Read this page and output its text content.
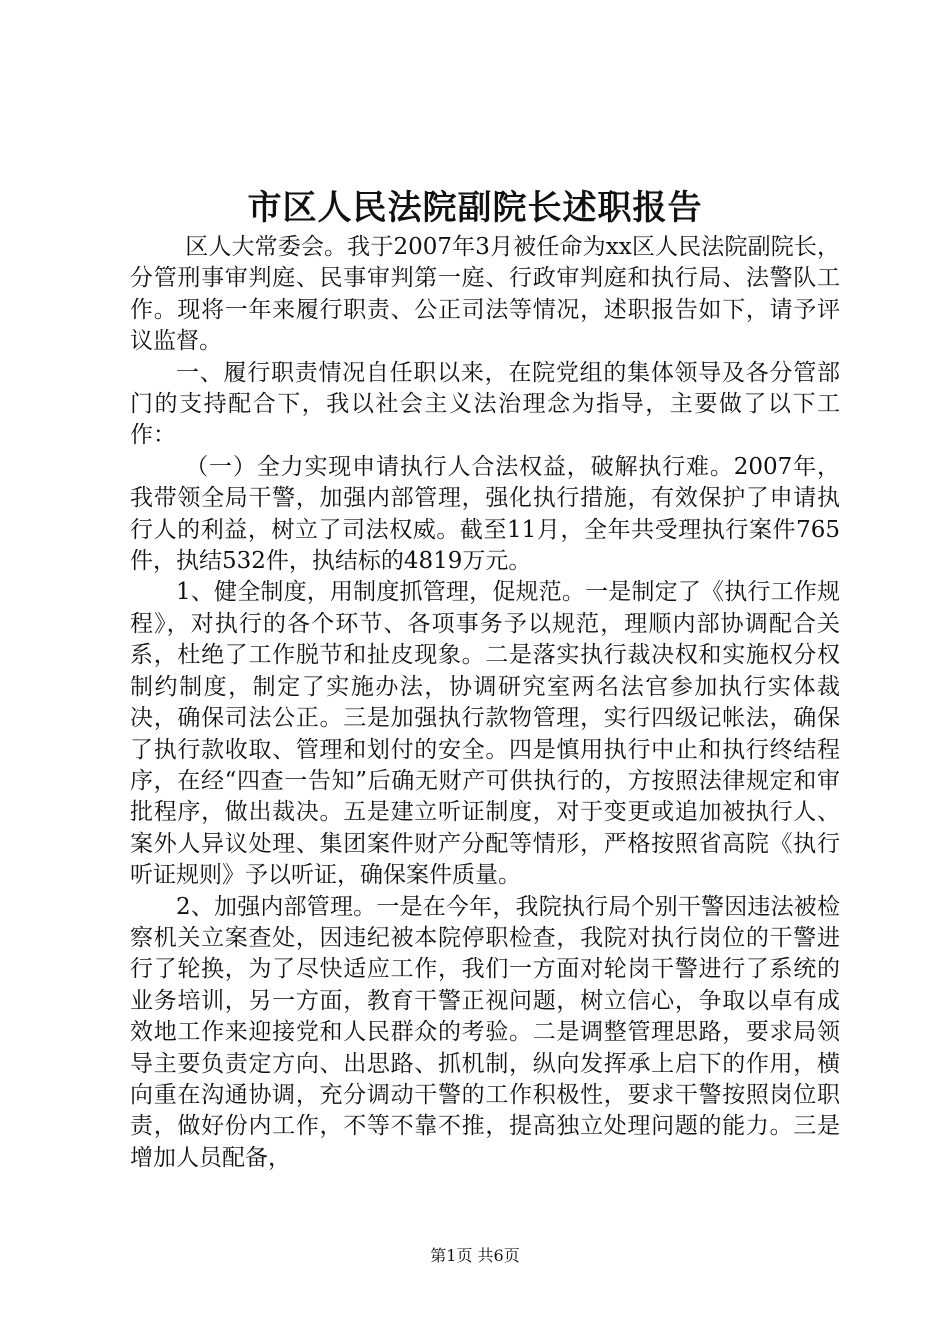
市区人民法院副院长述职报告

区人大常委会。我于2007年3月被任命为xx区人民法院副院长，分管刑事审判庭、民事审判第一庭、行政审判庭和执行局、法警队工作。现将一年来履行职责、公正司法等情况，述职报告如下，请予评议监督。

一、履行职责情况自任职以来，在院党组的集体领导及各分管部门的支持配合下，我以社会主义法治理念为指导，主要做了以下工作：

（一）全力实现申请执行人合法权益，破解执行难。2007年，我带领全局干警，加强内部管理，强化执行措施，有效保护了申请执行人的利益，树立了司法权威。截至11月，全年共受理执行案件765件，执结532件，执结标的4819万元。

1、健全制度，用制度抓管理，促规范。一是制定了《执行工作规程》，对执行的各个环节、各项事务予以规范，理顺内部协调配合关系，杜绝了工作脱节和扯皮现象。二是落实执行裁决权和实施权分权制约制度，制定了实施办法，协调研究室两名法官参加执行实体裁决，确保司法公正。三是加强执行款物管理，实行四级记帐法，确保了执行款收取、管理和划付的安全。四是慎用执行中止和执行终结程序，在经“四查一告知”后确无财产可供执行的，方按照法律规定和审批程序，做出裁决。五是建立听证制度，对于变更或追加被执行人、案外人异议处理、集团案件财产分配等情形，严格按照省高院《执行听证规则》予以听证，确保案件质量。

2、加强内部管理。一是在今年，我院执行局个别干警因违法被检察机关立案查处，因违纪被本院停职检查，我院对执行岗位的干警进行了轮换，为了尽快适应工作，我们一方面对轮岗干警进行了系统的业务培训，另一方面，教育干警正视问题，树立信心，争取以卓有成效地工作来迎接党和人民群众的考验。二是调整管理思路，要求局领导主要负责定方向、出思路、抓机制，纵向发挥承上启下的作用，横向重在沟通协调，充分调动干警的工作积极性，要求干警按照岗位职责，做好份内工作，不等不靠不推，提高独立处理问题的能力。三是增加人员配备，

第1页 共6页
